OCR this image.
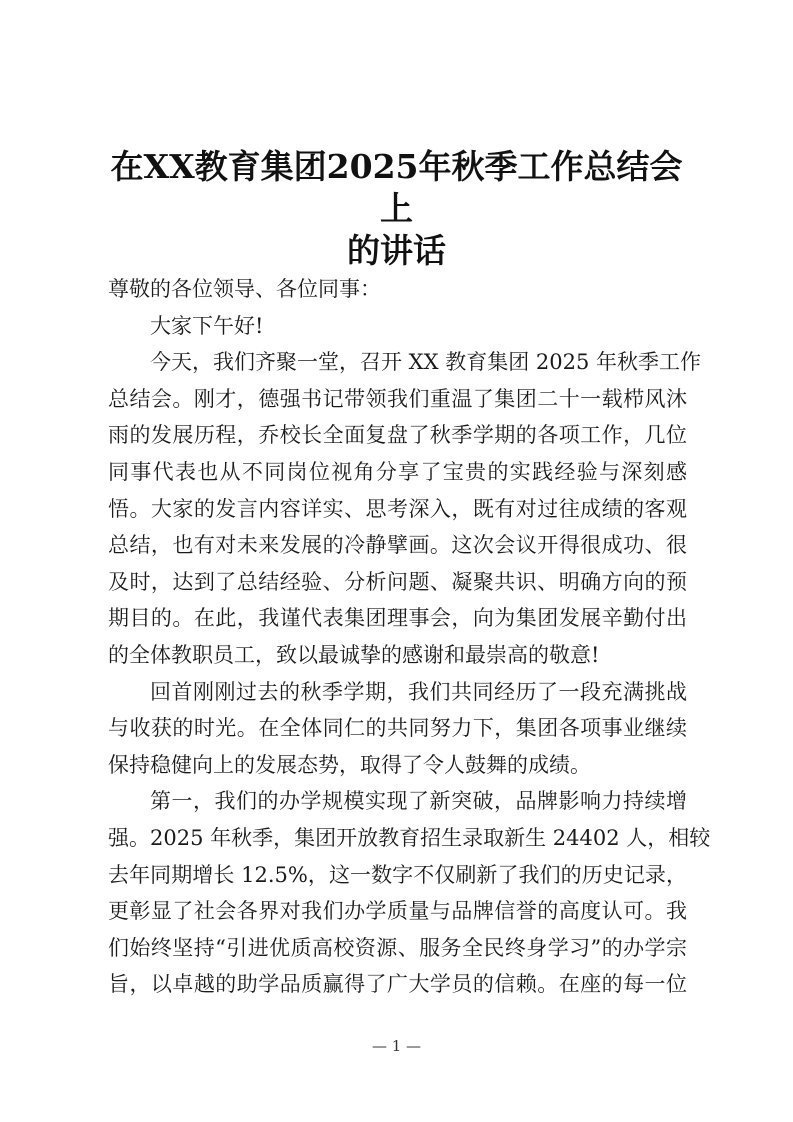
在XX教育集团2025年秋季工作总结会上
的讲话
尊敬的各位领导、各位同事：
大家下午好!
今天，我们齐聚一堂，召开 XX 教育集团 2025 年秋季工作
总结会。刚才，德强书记带领我们重温了集团二十一载栉风沐
雨的发展历程，乔校长全面复盘了秋季学期的各项工作，几位
同事代表也从不同岗位视角分享了宝贵的实践经验与深刻感
悟。大家的发言内容详实、思考深入，既有对过往成绩的客观
总结，也有对未来发展的冷静擘画。这次会议开得很成功、很
及时，达到了总结经验、分析问题、凝聚共识、明确方向的预
期目的。在此，我谨代表集团理事会，向为集团发展辛勤付出
的全体教职员工，致以最诚挚的感谢和最崇高的敬意!
回首刚刚过去的秋季学期，我们共同经历了一段充满挑战
与收获的时光。在全体同仁的共同努力下，集团各项事业继续
保持稳健向上的发展态势，取得了令人鼓舞的成绩。
第一，我们的办学规模实现了新突破，品牌影响力持续增
强。2025 年秋季，集团开放教育招生录取新生 24402 人，相较
去年同期增长 12.5%，这一数字不仅刷新了我们的历史记录，
更彰显了社会各界对我们办学质量与品牌信誉的高度认可。我
们始终坚持“引进优质高校资源、服务全民终身学习”的办学宗
旨，以卓越的助学品质赢得了广大学员的信赖。在座的每一位
— 1 —
